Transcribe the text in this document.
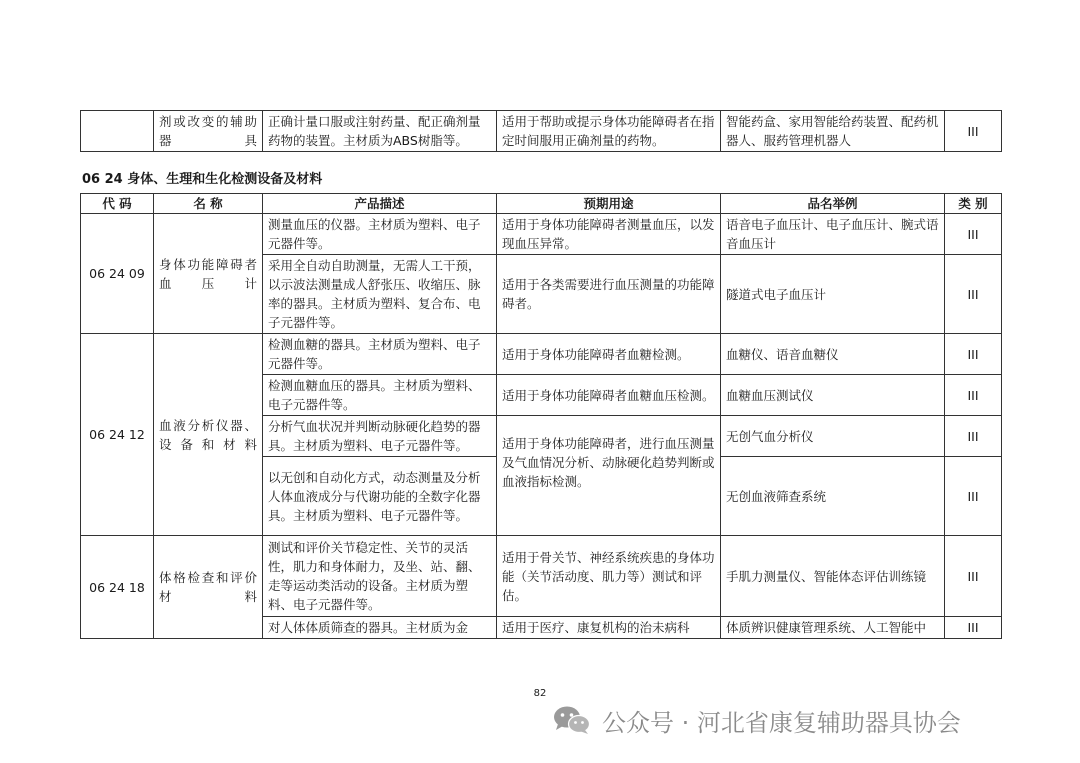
	剂或改变的辅助器具	正确计量口服或注射药量、配正确剂量药物的装置。主材质为ABS树脂等。	适用于帮助或提示身体功能障碍者在指定时间服用正确剂量的药物。	智能药盒、家用智能给药装置、配药机器人、服药管理机器人	III
06 24 身体、生理和生化检测设备及材料
代 码	名 称	产品描述	预期用途	品名举例	类 别
06 24 09	身体功能障碍者血压计	测量血压的仪器。主材质为塑料、电子元器件等。	适用于身体功能障碍者测量血压，以发现血压异常。	语音电子血压计、电子血压计、腕式语音血压计	III
		采用全自动自助测量，无需人工干预，以示波法测量成人舒张压、收缩压、脉率的器具。主材质为塑料、复合布、电子元器件等。	适用于各类需要进行血压测量的功能障碍者。	隧道式电子血压计	III
06 24 12	血液分析仪器、设备和材料	检测血糖的器具。主材质为塑料、电子元器件等。	适用于身体功能障碍者血糖检测。	血糖仪、语音血糖仪	III
		检测血糖血压的器具。主材质为塑料、电子元器件等。	适用于身体功能障碍者血糖血压检测。	血糖血压测试仪	III
		分析气血状况并判断动脉硬化趋势的器具。主材质为塑料、电子元器件等。	适用于身体功能障碍者，进行血压测量及气血情况分析、动脉硬化趋势判断或血液指标检测。	无创气血分析仪	III
		以无创和自动化方式，动态测量及分析人体血液成分与代谢功能的全数字化器具。主材质为塑料、电子元器件等。		无创血液筛查系统	III
06 24 18	体格检查和评价材料	测试和评价关节稳定性、关节的灵活性，肌力和身体耐力，及坐、站、翻、走等运动类活动的设备。主材质为塑料、电子元器件等。	适用于骨关节、神经系统疾患的身体功能（关节活动度、肌力等）测试和评估。	手肌力测量仪、智能体态评估训练镜	III
		对人体体质筛查的器具。主材质为金	适用于医疗、康复机构的治未病科	体质辨识健康管理系统、人工智能中	III
82
公众号 · 河北省康复辅助器具协会
